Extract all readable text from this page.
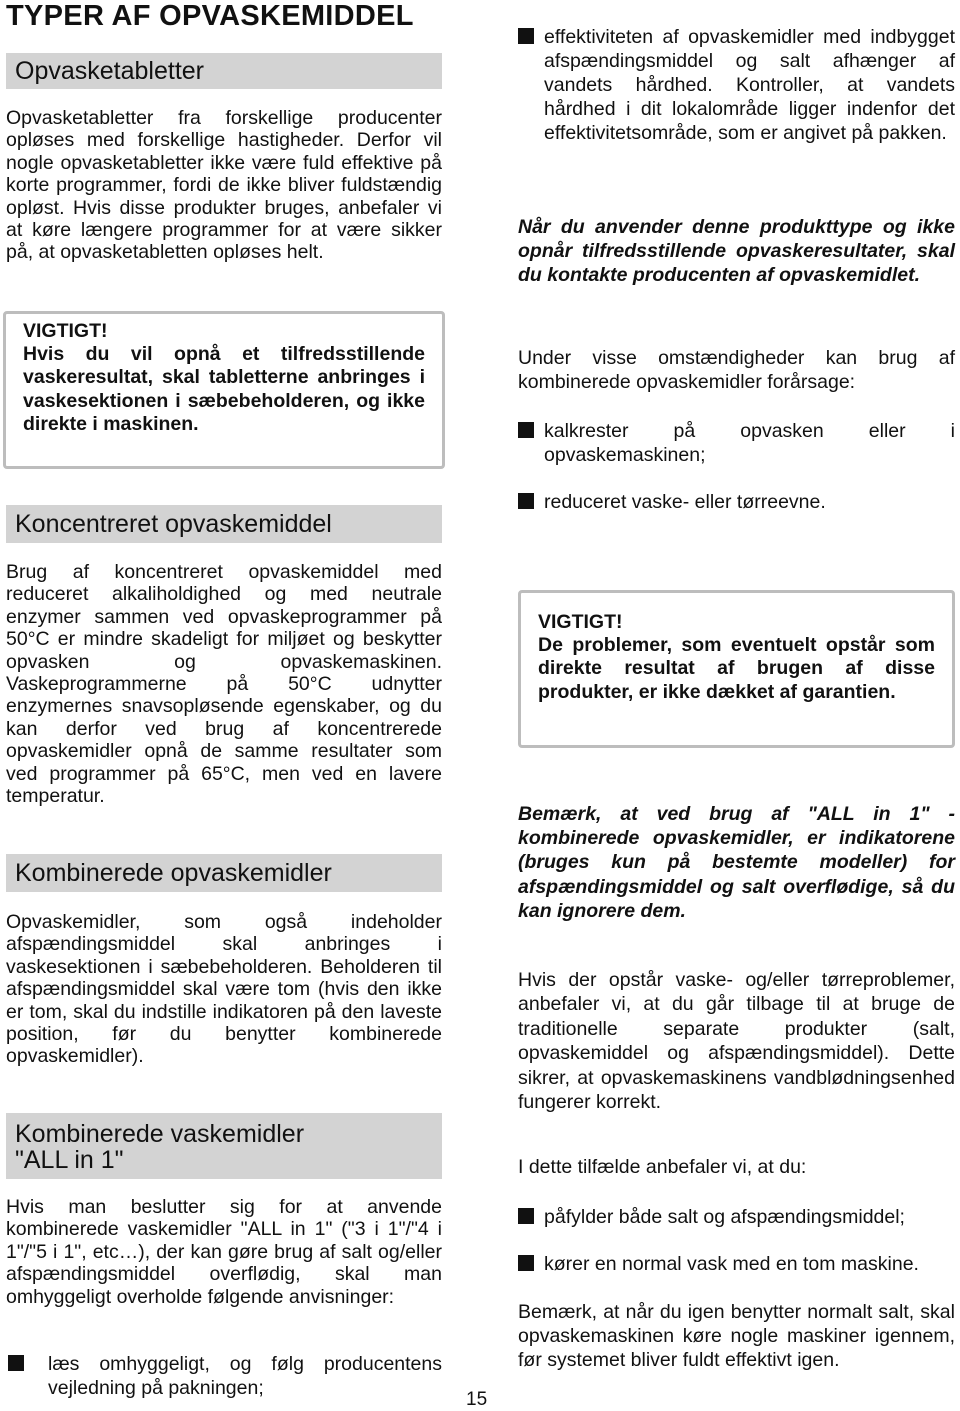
TYPER AF OPVASKEMIDDEL
Opvasketabletter

Opvasketabletter fra forskellige producenter opløses med forskellige hastigheder. Derfor vil nogle opvasketabletter ikke være fuld effektive på korte programmer, fordi de ikke bliver fuldstændig opløst. Hvis disse produkter bruges, anbefaler vi at køre længere programmer for at være sikker på, at opvasketabletten opløses helt.

VIGTIGT!
Hvis du vil opnå et tilfredsstillende vaskeresultat, skal tabletterne anbringes i vaskesektionen i sæbebeholderen, og ikke direkte i maskinen.
Koncentreret opvaskemiddel

Brug af koncentreret opvaskemiddel med reduceret alkaliholdighed og med neutrale enzymer sammen ved opvaskeprogrammer på 50°C er mindre skadeligt for miljøet og beskytter opvasken og opvaskemaskinen. Vaskeprogrammerne på 50°C udnytter enzymernes snavsopløsende egenskaber, og du kan derfor ved brug af koncentrerede opvaskemidler opnå de samme resultater som ved programmer på 65°C, men ved en lavere temperatur.

Kombinerede opvaskemidler

Opvaskemidler, som også indeholder afspændingsmiddel skal anbringes i vaskesektionen i sæbebeholderen. Beholderen til afspændingsmiddel skal være tom (hvis den ikke er tom, skal du indstille indikatoren på den laveste position, før du benytter kombinerede opvaskemidler).

Kombinerede vaskemidler
"ALL in 1"

Hvis man beslutter sig for at anvende kombinerede vaskemidler "ALL in 1" ("3 i 1"/"4 i 1"/"5 i 1", etc…), der kan gøre brug af salt og/eller afspændingsmiddel overflødig, skal man omhyggeligt overholde følgende anvisninger:

læs omhyggeligt, og følg producentens vejledning på pakningen;

15

effektiviteten af opvaskemidler med indbygget afspændingsmiddel og salt afhænger af vandets hårdhed. Kontroller, at vandets hårdhed i dit lokalområde ligger indenfor det effektivitetsområde, som er angivet på pakken.

Når du anvender denne produkttype og ikke opnår tilfredsstillende opvaskeresultater, skal du kontakte producenten af opvaskemidlet.

Under visse omstændigheder kan brug af kombinerede opvaskemidler forårsage:

kalkrester på opvasken eller i opvaskemaskinen;

reduceret vaske- eller tørreevne.

VIGTIGT!
De problemer, som eventuelt opstår som direkte resultat af brugen af disse produkter, er ikke dækket af garantien.

Bemærk, at ved brug af "ALL in 1" - kombinerede opvaskemidler, er indikatorene (bruges kun på bestemte modeller) for afspændingsmiddel og salt overflødige, så du kan ignorere dem.

Hvis der opstår vaske- og/eller tørreproblemer, anbefaler vi, at du går tilbage til at bruge de traditionelle separate produkter (salt, opvaskemiddel og afspændingsmiddel). Dette sikrer, at opvaskemaskinens vandblødningsenhed fungerer korrekt.

I dette tilfælde anbefaler vi, at du:

påfylder både salt og afspændingsmiddel;

kører en normal vask med en tom maskine.

Bemærk, at når du igen benytter normalt salt, skal opvaskemaskinen køre nogle maskiner igennem, før systemet bliver fuldt effektivt igen.
